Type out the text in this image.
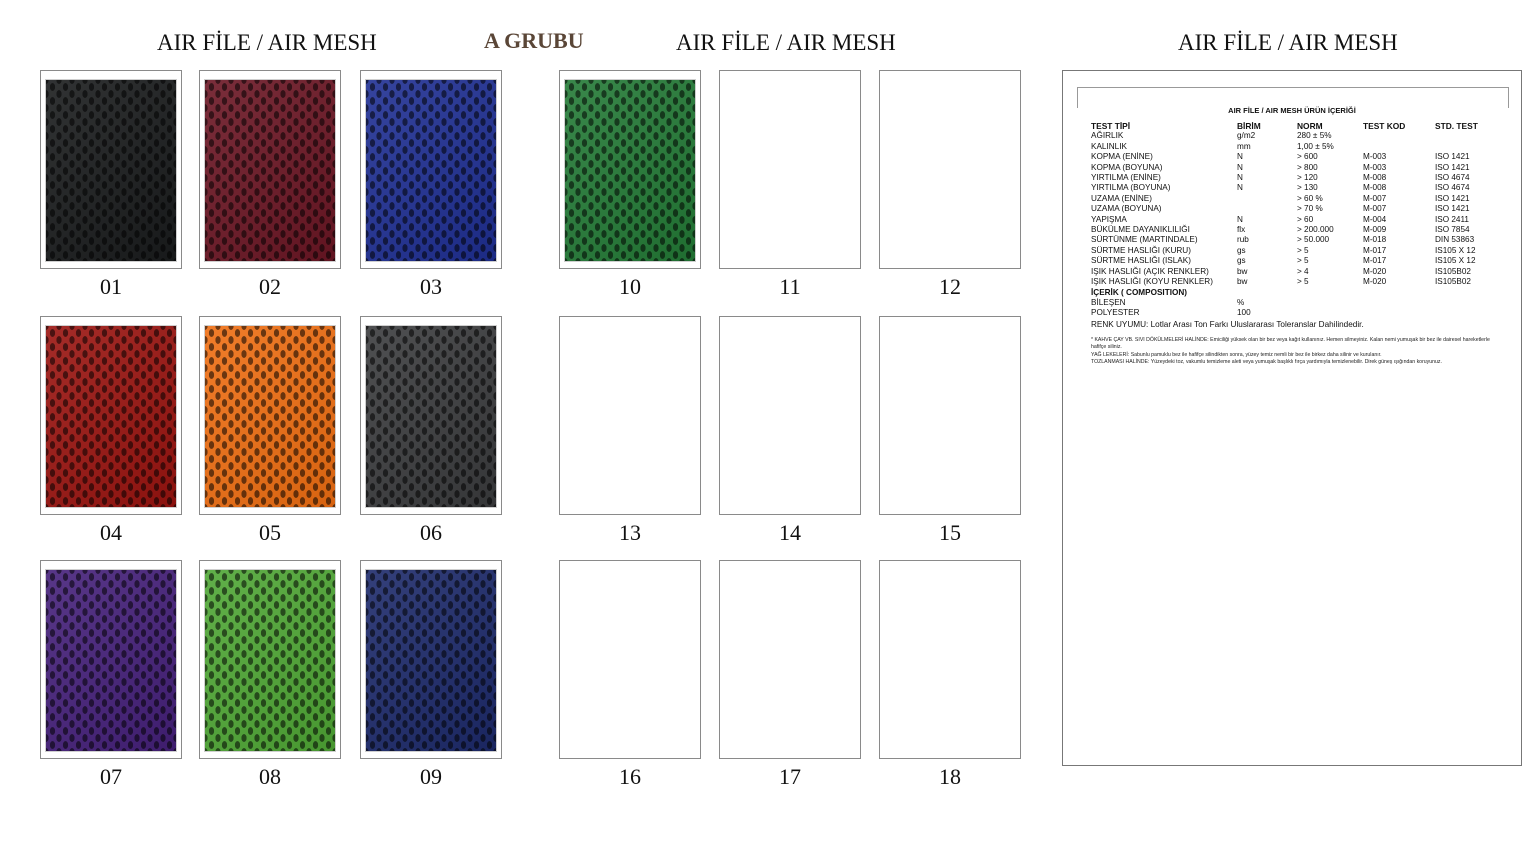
AIR FİLE / AIR MESH	A GRUBU	AIR FİLE / AIR MESH	AIR FİLE / AIR MESH
01	02	03
04	05	06
07	08	09
10	11	12
13	14	15
16	17	18
AIR FİLE / AIR MESH ÜRÜN İÇERİĞİ
TEST TİPİ	BİRİM	NORM	TEST KOD	STD. TEST
AĞIRLIK	g/m2	280 ± 5%		
KALINLIK	mm	1,00 ± 5%		
KOPMA (ENİNE)	N	> 600	M-003	ISO 1421
KOPMA (BOYUNA)	N	> 800	M-003	ISO 1421
YIRTILMA (ENİNE)	N	> 120	M-008	ISO 4674
YIRTILMA (BOYUNA)	N	> 130	M-008	ISO 4674
UZAMA (ENİNE)		> 60 %	M-007	ISO 1421
UZAMA (BOYUNA)		> 70 %	M-007	ISO 1421
YAPIŞMA	N	> 60	M-004	ISO 2411
BÜKÜLME DAYANIKLILIĞI	flx	> 200.000	M-009	ISO 7854
SÜRTÜNME (MARTINDALE)	rub	> 50.000	M-018	DIN 53863
SÜRTME HASLIĞI (KURU)	gs	> 5	M-017	IS105 X 12
SÜRTME HASLIĞI (ISLAK)	gs	> 5	M-017	IS105 X 12
IŞIK HASLIĞI (AÇIK RENKLER)	bw	> 4	M-020	IS105B02
IŞIK HASLIĞI (KOYU RENKLER)	bw	> 5	M-020	IS105B02
İÇERİK ( COMPOSITION)				
BİLEŞEN	%			
POLYESTER	100			
RENK UYUMU: Lotlar Arası Ton Farkı Uluslararası Toleranslar Dahilindedir.

* KAHVE ÇAY VB. SIVI DÖKÜLMELERİ HALİNDE: Emiciliği yüksek olan bir bez veya kağıt kullanınız. Hemen silmeyiniz. Kalan nemi yumuşak bir bez ile dairesel hareketlerle hafifçe siliniz.

YAĞ LEKELERİ: Sabunlu pamuklu bez ile hafifçe silindikten sonra, yüzey temiz nemli bir bez ile birkez daha silinir ve kurulanır.

TOZLANMASI HALİNDE: Yüzeydeki toz, vakumlu temizleme aleti veya yumuşak başlıklı fırça yardımıyla temizlenebilir. Direk güneş ışığından koruyunuz.
